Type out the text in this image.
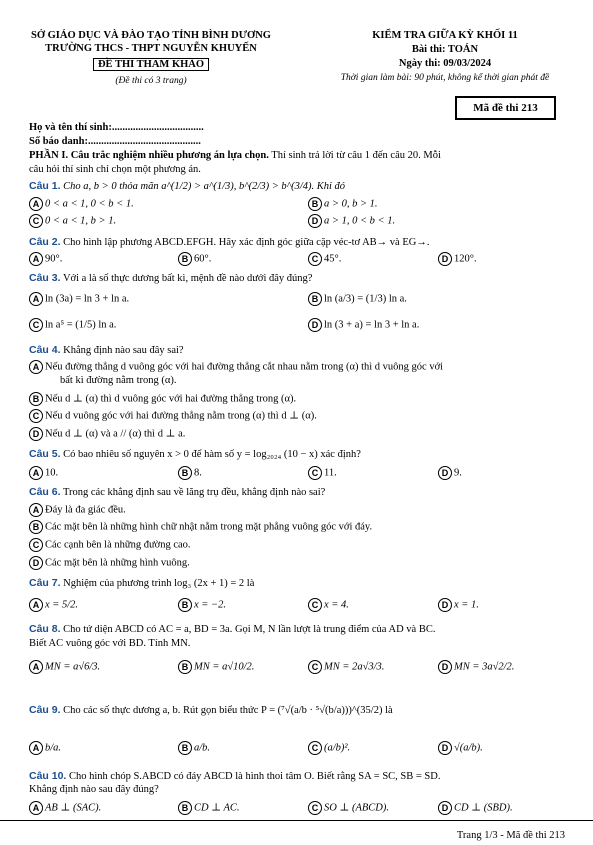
SỞ GIÁO DỤC VÀ ĐÀO TẠO TỈNH BÌNH DƯƠNG
TRƯỜNG THCS - THPT NGUYỄN KHUYẾN
ĐỀ THI THAM KHẢO
(Đề thi có 3 trang)
KIỂM TRA GIỮA KỲ KHỐI 11
Bài thi: TOÁN
Ngày thi: 09/03/2024
Thời gian làm bài: 90 phút, không kể thời gian phát đề
Mã đề thi 213
Họ và tên thí sinh:...................................
Số báo danh:...........................................
PHẦN I. Câu trắc nghiệm nhiều phương án lựa chọn. Thí sinh trả lời từ câu 1 đến câu 20. Mỗi
câu hỏi thí sinh chỉ chọn một phương án.
Câu 1. Cho a, b > 0 thỏa mãn a^(1/2) > a^(1/3), b^(2/3) > b^(3/4). Khi đó
A 0 < a < 1, 0 < b < 1.	B a > 0, b > 1.
C 0 < a < 1, b > 1.	D a > 1, 0 < b < 1.
Câu 2. Cho hình lập phương ABCD.EFGH. Hãy xác định góc giữa cặp véc-tơ AB→ và EG→.
A 90°.	B 60°.	C 45°.	D 120°.
Câu 3. Với a là số thực dương bất kì, mệnh đề nào dưới đây đúng?
A ln (3a) = ln 3 + ln a.	B ln (a/3) = (1/3) ln a.
C ln a⁵ = (1/5) ln a.	D ln (3 + a) = ln 3 + ln a.
Câu 4. Khẳng định nào sau đây sai?
A Nếu đường thẳng d vuông góc với hai đường thẳng cắt nhau nằm trong (α) thì d vuông góc với
bất kì đường nằm trong (α).
B Nếu d ⊥ (α) thì d vuông góc với hai đường thẳng trong (α).
C Nếu d vuông góc với hai đường thẳng nằm trong (α) thì d ⊥ (α).
D Nếu d ⊥ (α) và a // (α) thì d ⊥ a.
Câu 5. Có bao nhiêu số nguyên x > 0 để hàm số y = log₂₀₂₄ (10 − x) xác định?
A 10.	B 8.	C 11.	D 9.
Câu 6. Trong các khẳng định sau về lăng trụ đều, khẳng định nào sai?
A Đáy là đa giác đều.
B Các mặt bên là những hình chữ nhật nằm trong mặt phẳng vuông góc với đáy.
C Các cạnh bên là những đường cao.
D Các mặt bên là những hình vuông.
Câu 7. Nghiệm của phương trình log₃ (2x + 1) = 2 là
A x = 5/2.	B x = −2.	C x = 4.	D x = 1.
Câu 8. Cho tứ diện ABCD có AC = a, BD = 3a. Gọi M, N lần lượt là trung điểm của AD và BC.
Biết AC vuông góc với BD. Tính MN.
A MN = a√6/3.	B MN = a√10/2.	C MN = 2a√3/3.	D MN = 3a√2/2.
Câu 9. Cho các số thực dương a, b. Rút gọn biểu thức P = (⁷√(a/b · ⁵√(b/a)))^(35/2) là
A b/a.	B a/b.	C (a/b)².	D √(a/b).
Câu 10. Cho hình chóp S.ABCD có đáy ABCD là hình thoi tâm O. Biết rằng SA = SC, SB = SD.
Khẳng định nào sau đây đúng?
A AB ⊥ (SAC).	B CD ⊥ AC.	C SO ⊥ (ABCD).	D CD ⊥ (SBD).
Trang 1/3 - Mã đề thi 213
